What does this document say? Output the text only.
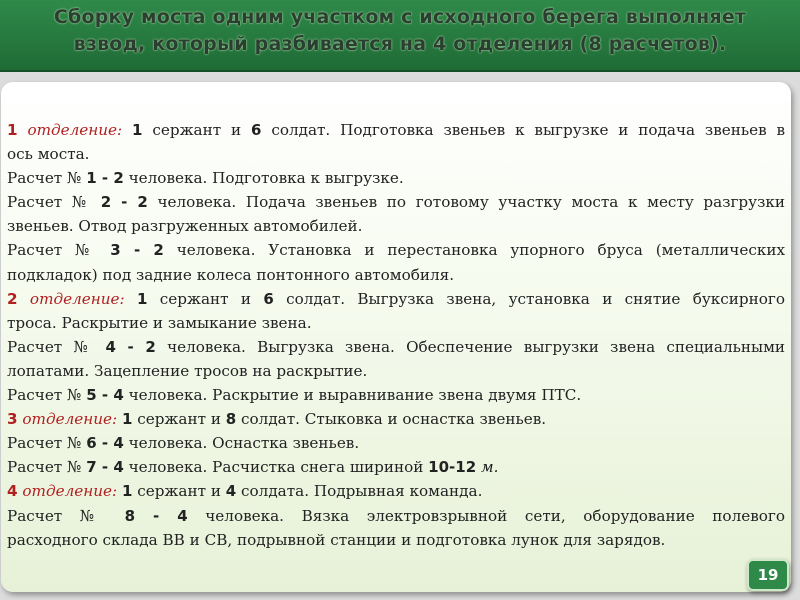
Сборку моста одним участком с исходного берега выполняет взвод, который разбивается на 4 отделения (8 расчетов).
1 отделение: 1 сержант и 6 солдат. Подготовка звеньев к выгрузке и подача звеньев в
ось моста.
Расчет № 1 - 2 человека. Подготовка к выгрузке.
Расчет № 2 - 2 человека. Подача звеньев по готовому участку моста к месту разгрузки
звеньев. Отвод разгруженных автомобилей.
Расчет № 3 - 2 человека. Установка и перестановка упорного бруса (металлических
подкладок) под задние колеса понтонного автомобиля.
2 отделение: 1 сержант и 6 солдат. Выгрузка звена, установка и снятие буксирного
троса. Раскрытие и замыкание звена.
Расчет № 4 - 2 человека. Выгрузка звена. Обеспечение выгрузки звена специальными
лопатами. Зацепление тросов на раскрытие.
Расчет № 5 - 4 человека. Раскрытие и выравнивание звена двумя ПТС.
3 отделение: 1 сержант и 8 солдат. Стыковка и оснастка звеньев.
Расчет № 6 - 4 человека. Оснастка звеньев.
Расчет № 7 - 4 человека. Расчистка снега шириной 10-12 м.
4 отделение: 1 сержант и 4 солдата. Подрывная команда.
Расчет № 8 - 4 человека. Вязка электровзрывной сети, оборудование полевого
расходного склада ВВ и СВ, подрывной станции и подготовка лунок для зарядов.
19
